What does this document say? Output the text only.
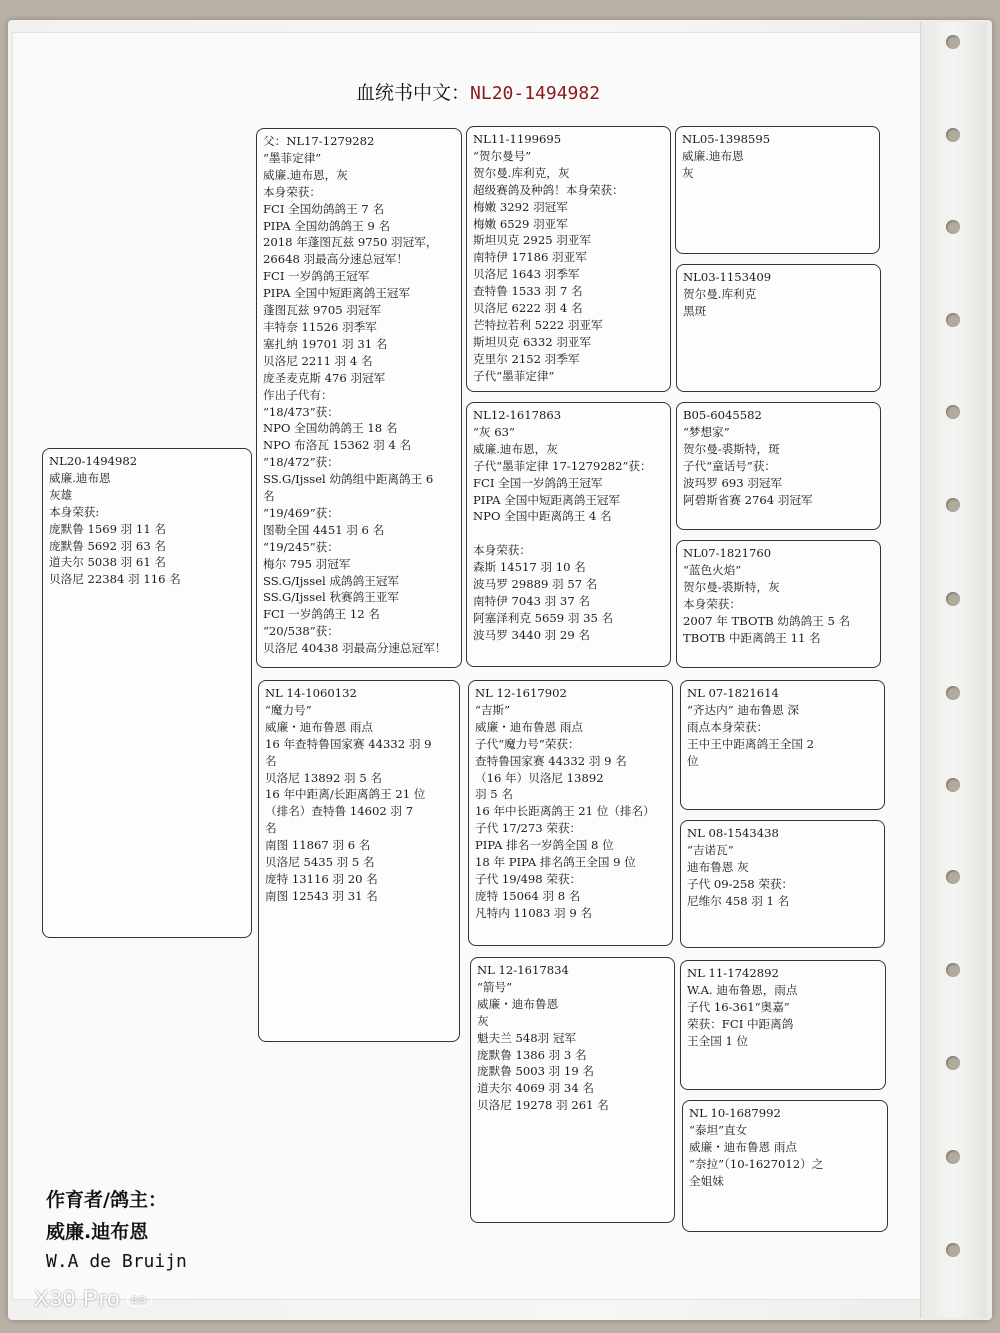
血统书中文：NL20-1494982
NL20-1494982
威廉.迪布恩
灰雄
本身荣获:
庞默鲁 1569 羽 11 名
庞默鲁 5692 羽 63 名
道夫尔 5038 羽 61 名
贝洛尼 22384 羽 116 名
父：NL17-1279282
“墨菲定律”
威廉.迪布恩，灰
本身荣获：
FCI 全国幼鸽鸽王 7 名
PIPA 全国幼鸽鸽王 9 名
2018 年蓬图瓦兹 9750 羽冠军，
26648 羽最高分速总冠军！
FCI 一岁鸽鸽王冠军
PIPA 全国中短距离鸽王冠军
蓬图瓦兹 9705 羽冠军
丰特奈 11526 羽季军
塞扎纳 19701 羽 31 名
贝洛尼 2211 羽 4 名
庞圣麦克斯 476 羽冠军
作出子代有：
“18/473”获：
NPO 全国幼鸽鸽王 18 名
NPO 布洛瓦 15362 羽 4 名
“18/472”获：
SS.G/Ijssel 幼鸽组中距离鸽王 6
名
“19/469”获：
图勒全国 4451 羽 6 名
“19/245”获：
梅尔 795 羽冠军
SS.G/Ijssel 成鸽鸽王冠军
SS.G/Ijssel 秋赛鸽王亚军
FCI 一岁鸽鸽王 12 名
“20/538”获：
贝洛尼 40438 羽最高分速总冠军！
NL 14-1060132
“魔力号”
威廉・迪布鲁恩 雨点
16 年查特鲁国家赛 44332 羽 9
名
贝洛尼 13892 羽 5 名
16 年中距离/长距离鸽王 21 位
（排名）查特鲁 14602 羽 7
名
南图 11867 羽 6 名
贝洛尼 5435 羽 5 名
庞特 13116 羽 20 名
南图 12543 羽 31 名
NL11-1199695
“贺尔曼号”
贺尔曼.库利克，灰
超级赛鸽及种鸽！本身荣获：
梅嫩 3292 羽冠军
梅嫩 6529 羽亚军
斯坦贝克 2925 羽亚军
南特伊 17186 羽亚军
贝洛尼 1643 羽季军
查特鲁 1533 羽 7 名
贝洛尼 6222 羽 4 名
芒特拉若利 5222 羽亚军
斯坦贝克 6332 羽亚军
克里尔 2152 羽季军
子代“墨菲定律”
NL12-1617863
“灰 63”
威廉.迪布恩，灰
子代“墨菲定律 17-1279282”获：
FCI 全国一岁鸽鸽王冠军
PIPA 全国中短距离鸽王冠军
NPO 全国中距离鸽王 4 名

本身荣获：
森斯 14517 羽 10 名
波马罗 29889 羽 57 名
南特伊 7043 羽 37 名
阿塞泽利克 5659 羽 35 名
波马罗 3440 羽 29 名
NL 12-1617902
“吉斯”
威廉・迪布鲁恩 雨点
子代“魔力号”荣获：
查特鲁国家赛 44332 羽 9 名
（16 年）贝洛尼 13892
羽 5 名
16 年中长距离鸽王 21 位（排名）
子代 17/273 荣获：
PIPA 排名一岁鸽全国 8 位
18 年 PIPA 排名鸽王全国 9 位
子代 19/498 荣获：
庞特 15064 羽 8 名
凡特内 11083 羽 9 名
NL 12-1617834
“箭号”
威廉・迪布鲁恩
灰
魁夫兰 548羽 冠军
庞默鲁 1386 羽 3 名
庞默鲁 5003 羽 19 名
道夫尔 4069 羽 34 名
贝洛尼 19278 羽 261 名
NL05-1398595
威廉.迪布恩
灰
NL03-1153409
贺尔曼.库利克
黑斑
B05-6045582
“梦想家”
贺尔曼-裘斯特，斑
子代“童话号”获：
波玛罗 693 羽冠军
阿碧斯省赛 2764 羽冠军
NL07-1821760
“蓝色火焰”
贺尔曼-裘斯特，灰
本身荣获：
2007 年 TBOTB 幼鸽鸽王 5 名
TBOTB 中距离鸽王 11 名
NL 07-1821614
“齐达内” 迪布鲁恩 深
雨点本身荣获：
王中王中距离鸽王全国 2
位
NL 08-1543438
“吉诺瓦”
迪布鲁恩 灰
子代 09-258 荣获：
尼维尔 458 羽 1 名
NL 11-1742892
W.A. 迪布鲁恩，雨点
子代 16-361“奥嘉”
荣获：FCI 中距离鸽
王全国 1 位
NL 10-1687992
“泰坦”直女
威廉・迪布鲁恩 雨点
“奈拉”（10-1627012）之
全姐妹
作育者/鸽主：
威廉.迪布恩
W.A de Bruijn
X30 Pro 5G
